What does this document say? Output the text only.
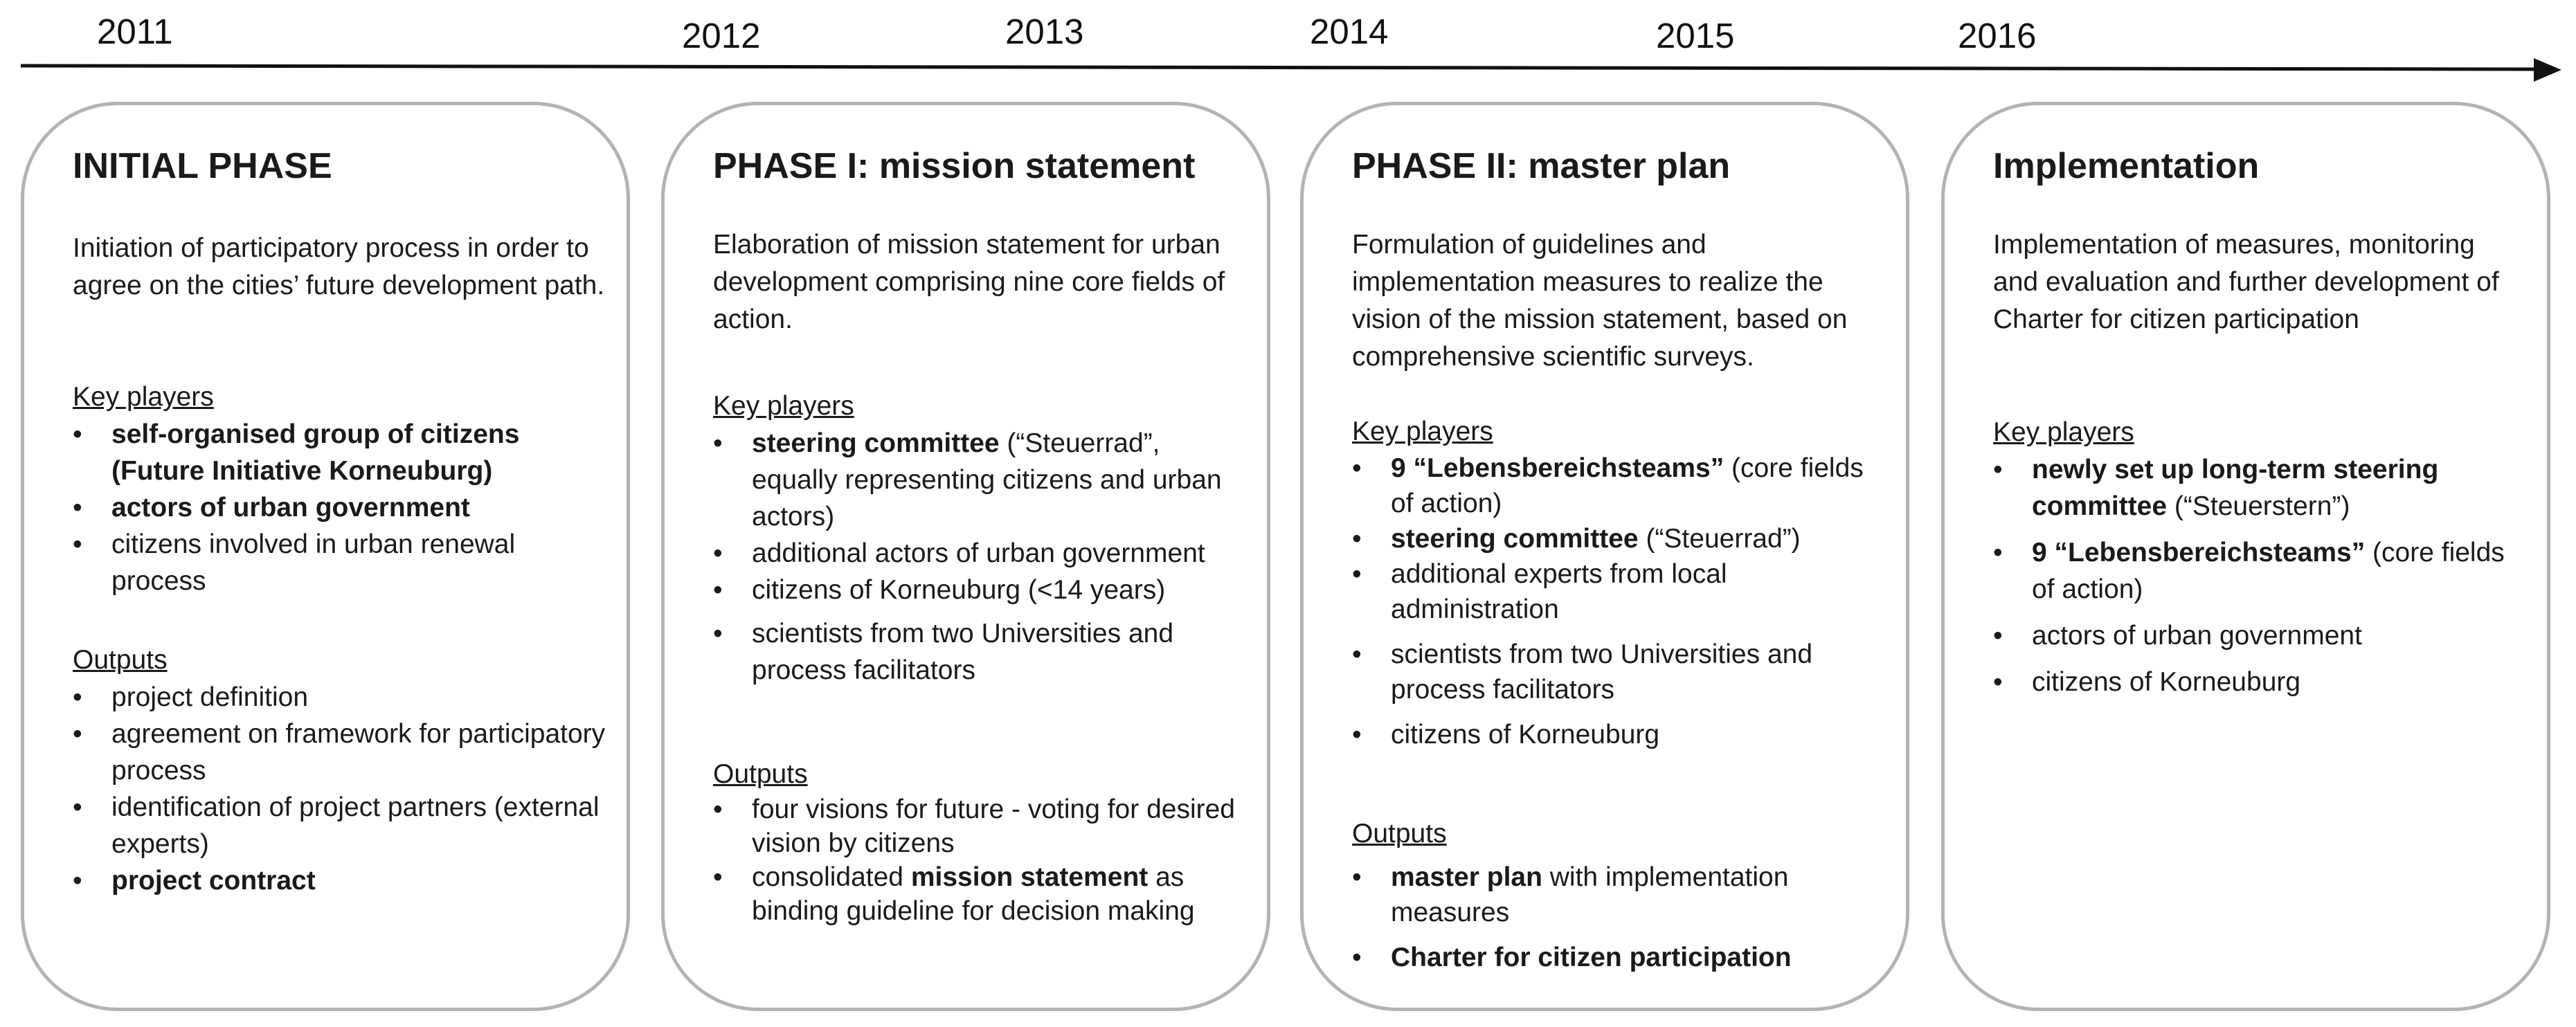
2011	2012	2013	2014	2015	2016
INITIAL PHASE
Initiation of participatory process in order to agree on the cities’ future development path.
Key players
• self-organised group of citizens (Future Initiative Korneuburg)
• actors of urban government
• citizens involved in urban renewal process
Outputs
• project definition
• agreement on framework for participatory process
• identification of project partners (external experts)
• project contract
PHASE I: mission statement
Elaboration of mission statement for urban development comprising nine core fields of action.
Key players
• steering committee (“Steuerrad”, equally representing citizens and urban actors)
• additional actors of urban government
• citizens of Korneuburg (<14 years)
• scientists from two Universities and process facilitators
Outputs
• four visions for future - voting for desired vision by citizens
• consolidated mission statement as binding guideline for decision making
PHASE II: master plan
Formulation of guidelines and implementation measures to realize the vision of the mission statement, based on comprehensive scientific surveys.
Key players
• 9 “Lebensbereichsteams” (core fields of action)
• steering committee (“Steuerrad”)
• additional experts from local administration
• scientists from two Universities and process facilitators
• citizens of Korneuburg
Outputs
• master plan with implementation measures
• Charter for citizen participation
Implementation
Implementation of measures, monitoring and evaluation and further development of Charter for citizen participation
Key players
• newly set up long-term steering committee (“Steuerstern”)
• 9 “Lebensbereichsteams” (core fields of action)
• actors of urban government
• citizens of Korneuburg
